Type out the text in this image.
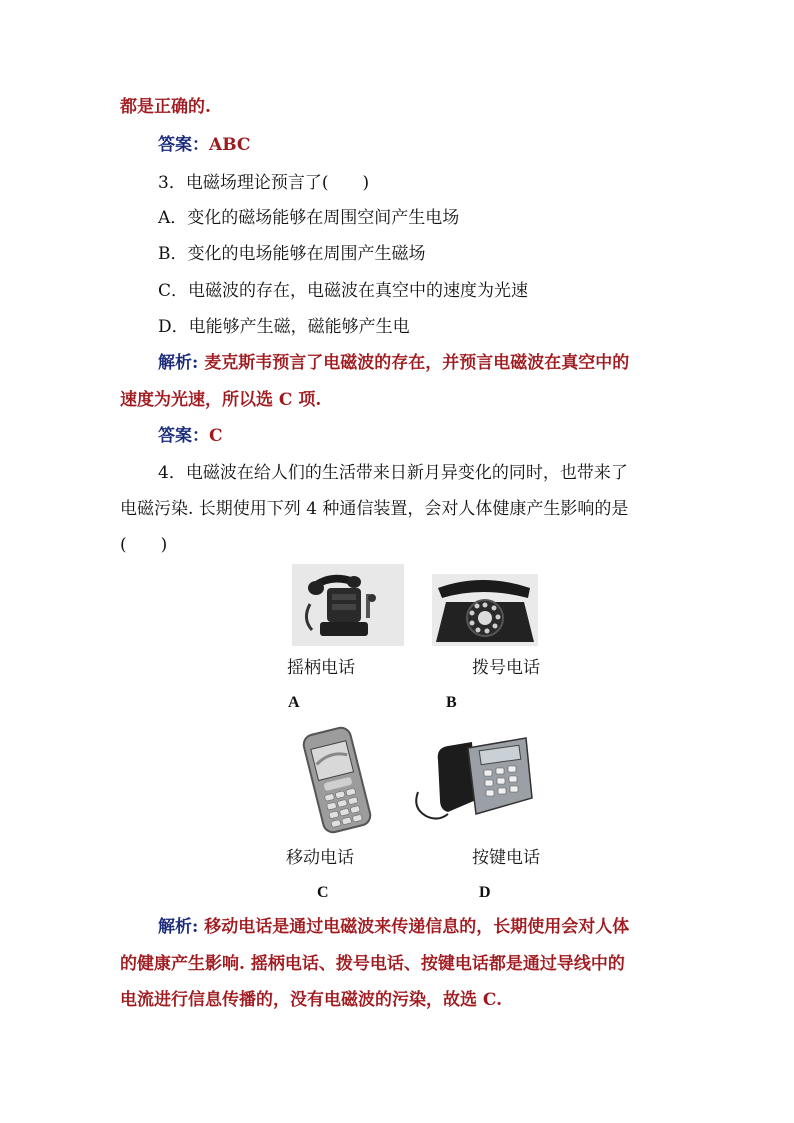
都是正确的.
答案：ABC
3．电磁场理论预言了(　　)
A．变化的磁场能够在周围空间产生电场
B．变化的电场能够在周围产生磁场
C．电磁波的存在，电磁波在真空中的速度为光速
D．电能够产生磁，磁能够产生电
解析: 麦克斯韦预言了电磁波的存在，并预言电磁波在真空中的
速度为光速，所以选 C 项.
答案：C
4．电磁波在给人们的生活带来日新月异变化的同时，也带来了
电磁污染. 长期使用下列 4 种通信装置，会对人体健康产生影响的是
(　　)
摇柄电话	拨号电话
A	B
移动电话	按键电话
C	D
解析: 移动电话是通过电磁波来传递信息的，长期使用会对人体
的健康产生影响. 摇柄电话、拨号电话、按键电话都是通过导线中的
电流进行信息传播的，没有电磁波的污染，故选 C.
